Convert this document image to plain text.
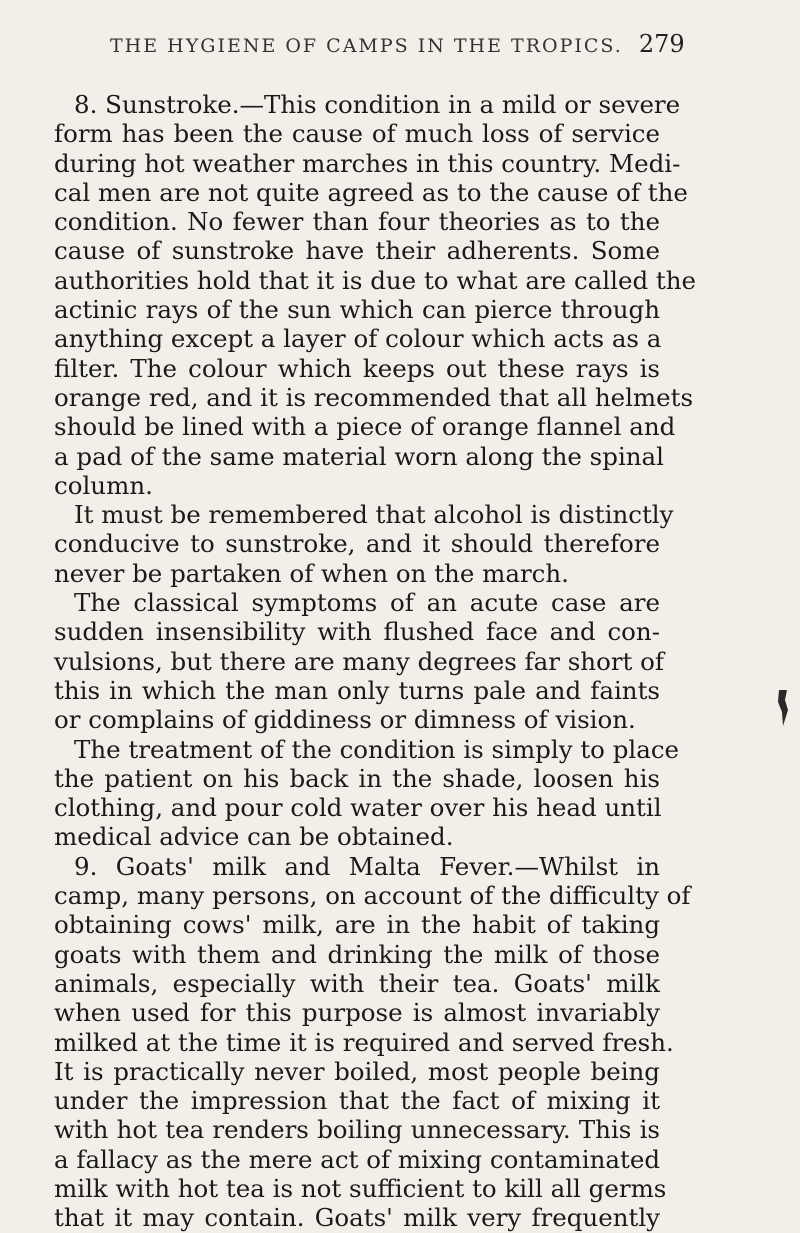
THE HYGIENE OF CAMPS IN THE TROPICS. 279
8. Sunstroke.—This condition in a mild or severe
form has been the cause of much loss of service
during hot weather marches in this country. Medi-
cal men are not quite agreed as to the cause of the
condition. No fewer than four theories as to the
cause of sunstroke have their adherents. Some
authorities hold that it is due to what are called the
actinic rays of the sun which can pierce through
anything except a layer of colour which acts as a
filter. The colour which keeps out these rays is
orange red, and it is recommended that all helmets
should be lined with a piece of orange flannel and
a pad of the same material worn along the spinal
column.
It must be remembered that alcohol is distinctly
conducive to sunstroke, and it should therefore
never be partaken of when on the march.
The classical symptoms of an acute case are
sudden insensibility with flushed face and con-
vulsions, but there are many degrees far short of
this in which the man only turns pale and faints
or complains of giddiness or dimness of vision.
The treatment of the condition is simply to place
the patient on his back in the shade, loosen his
clothing, and pour cold water over his head until
medical advice can be obtained.
9. Goats' milk and Malta Fever.—Whilst in
camp, many persons, on account of the difficulty of
obtaining cows' milk, are in the habit of taking
goats with them and drinking the milk of those
animals, especially with their tea. Goats' milk
when used for this purpose is almost invariably
milked at the time it is required and served fresh.
It is practically never boiled, most people being
under the impression that the fact of mixing it
with hot tea renders boiling unnecessary. This is
a fallacy as the mere act of mixing contaminated
milk with hot tea is not sufficient to kill all germs
that it may contain. Goats' milk very frequently
